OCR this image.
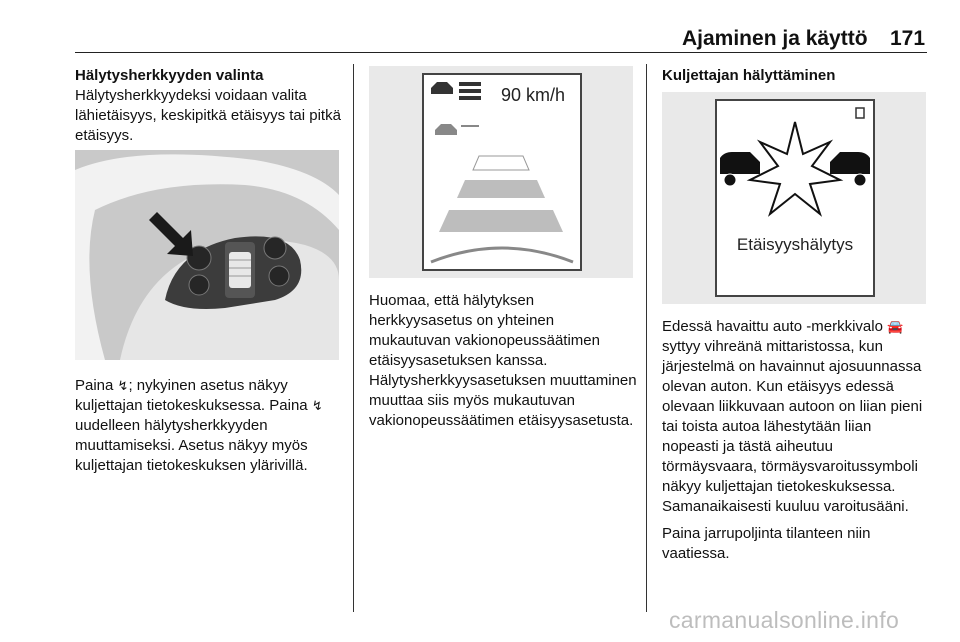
Ajaminen ja käyttö 171
Hälytysherkkyyden valinta

Hälytysherkkyydeksi voidaan valita lähietäisyys, keskipitkä etäisyys tai pitkä etäisyys.

Paina ↯; nykyinen asetus näkyy kuljettajan tietokeskuksessa. Paina ↯ uudelleen hälytysherkkyyden muuttamiseksi. Asetus näkyy myös kuljettajan tietokeskuksen ylärivillä.

90 km/h

Huomaa, että hälytyksen herkkyysasetus on yhteinen mukautuvan vakionopeussäätimen etäisyysasetuksen kanssa. Hälytysherkkyysasetuksen muuttaminen muuttaa siis myös mukautuvan vakionopeussäätimen etäisyysasetusta.

Kuljettajan hälyttäminen
Etäisyyshälytys

Edessä havaittu auto -merkkivalo 🚘 syttyy vihreänä mittaristossa, kun järjestelmä on havainnut ajosuunnassa olevan auton. Kun etäisyys edessä olevaan liikkuvaan autoon on liian pieni tai toista autoa lähestytään liian nopeasti ja tästä aiheutuu törmäysvaara, törmäysvaroitussymboli näkyy kuljettajan tietokeskuksessa. Samanaikaisesti kuuluu varoitusääni.

Paina jarrupoljinta tilanteen niin vaatiessa.

carmanualsonline.info
